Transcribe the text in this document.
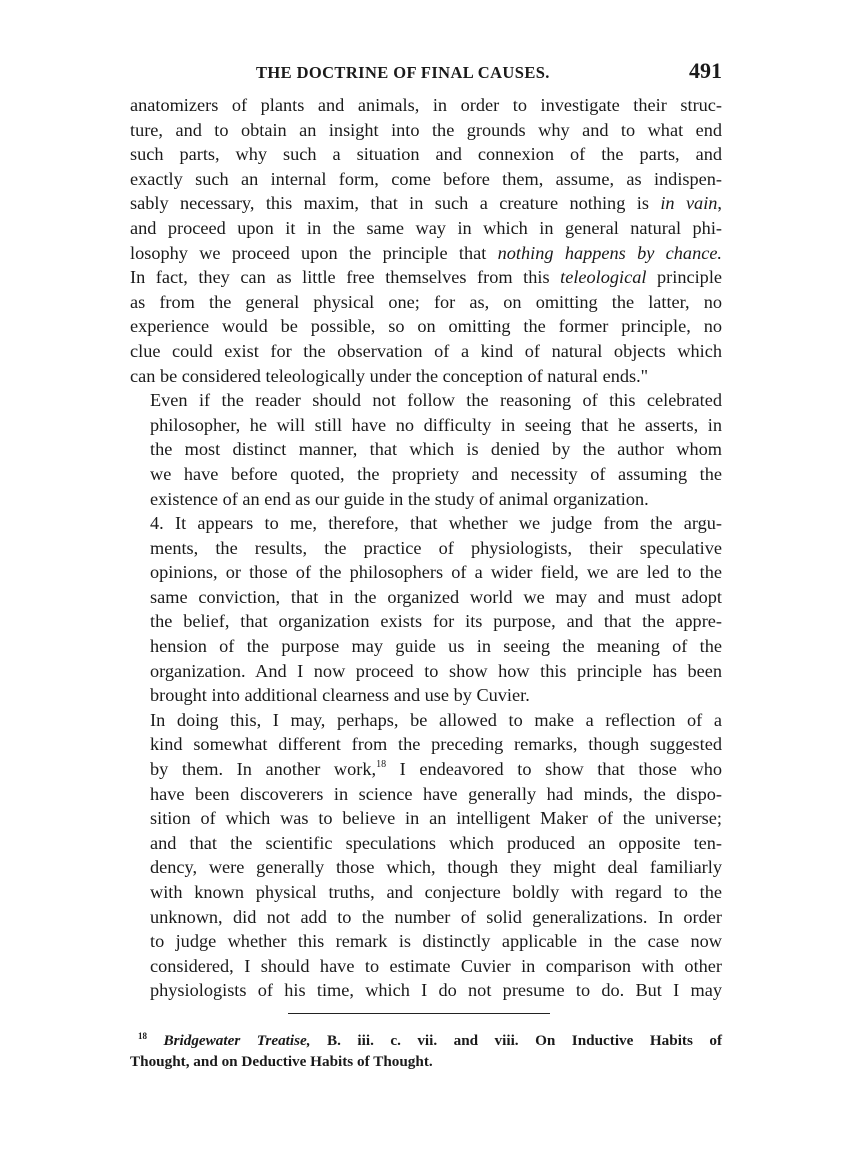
THE DOCTRINE OF FINAL CAUSES.	491
anatomizers of plants and animals, in order to investigate their struc-
ture, and to obtain an insight into the grounds why and to what end
such parts, why such a situation and connexion of the parts, and
exactly such an internal form, come before them, assume, as indispen-
sably necessary, this maxim, that in such a creature nothing is in vain,
and proceed upon it in the same way in which in general natural phi-
losophy we proceed upon the principle that nothing happens by chance.
In fact, they can as little free themselves from this teleological principle
as from the general physical one; for as, on omitting the latter, no
experience would be possible, so on omitting the former principle, no
clue could exist for the observation of a kind of natural objects which
can be considered teleologically under the conception of natural ends."
Even if the reader should not follow the reasoning of this celebrated
philosopher, he will still have no difficulty in seeing that he asserts, in
the most distinct manner, that which is denied by the author whom
we have before quoted, the propriety and necessity of assuming the
existence of an end as our guide in the study of animal organization.
4. It appears to me, therefore, that whether we judge from the argu-
ments, the results, the practice of physiologists, their speculative
opinions, or those of the philosophers of a wider field, we are led to the
same conviction, that in the organized world we may and must adopt
the belief, that organization exists for its purpose, and that the appre-
hension of the purpose may guide us in seeing the meaning of the
organization. And I now proceed to show how this principle has been
brought into additional clearness and use by Cuvier.
In doing this, I may, perhaps, be allowed to make a reflection of a
kind somewhat different from the preceding remarks, though suggested
by them. In another work,$^{18}$ I endeavored to show that those who
have been discoverers in science have generally had minds, the dispo-
sition of which was to believe in an intelligent Maker of the universe;
and that the scientific speculations which produced an opposite ten-
dency, were generally those which, though they might deal familiarly
with known physical truths, and conjecture boldly with regard to the
unknown, did not add to the number of solid generalizations. In order
to judge whether this remark is distinctly applicable in the case now
considered, I should have to estimate Cuvier in comparison with other
physiologists of his time, which I do not presume to do. But I may
$^{18}$ Bridgewater Treatise, B. iii. c. vii. and viii. On Inductive Habits of
Thought, and on Deductive Habits of Thought.
